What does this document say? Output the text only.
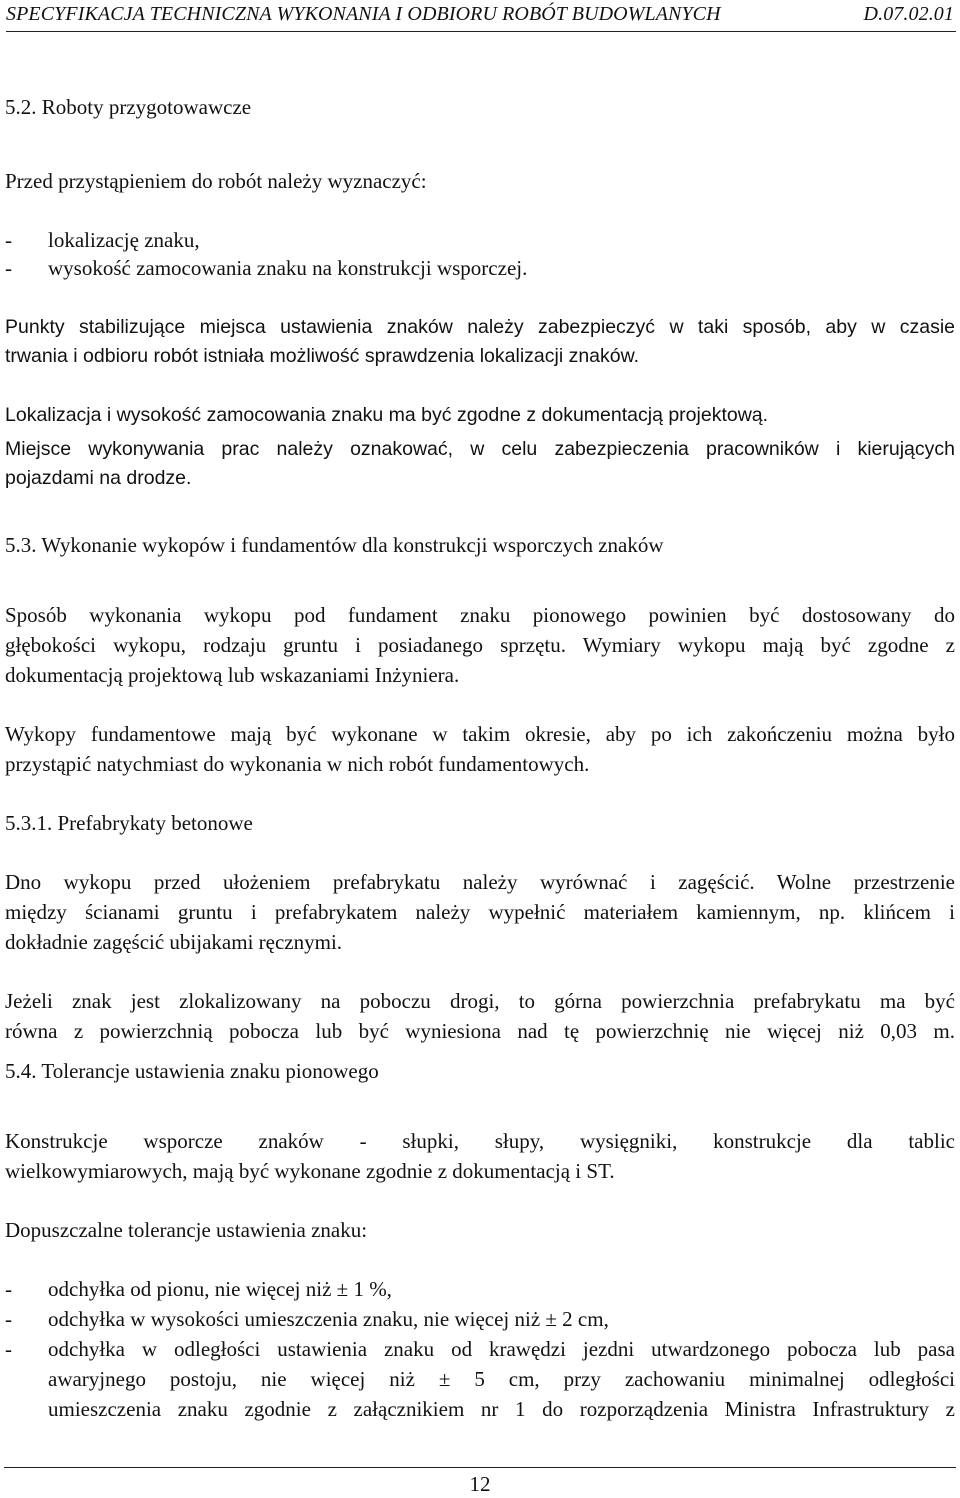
SPECYFIKACJA TECHNICZNA WYKONANIA I ODBIORU ROBÓT BUDOWLANYCH	D.07.02.01
5.2. Roboty przygotowawcze
Przed przystąpieniem do robót należy wyznaczyć:
- lokalizację znaku,
- wysokość zamocowania znaku na konstrukcji wsporczej.
Punkty stabilizujące miejsca ustawienia znaków należy zabezpieczyć w taki sposób, aby w czasie
trwania i odbioru robót istniała możliwość sprawdzenia lokalizacji znaków.
Lokalizacja i wysokość zamocowania znaku ma być zgodne z dokumentacją projektową.
Miejsce wykonywania prac należy oznakować, w celu zabezpieczenia pracowników i kierujących
pojazdami na drodze.
5.3. Wykonanie wykopów i fundamentów dla konstrukcji wsporczych znaków
Sposób wykonania wykopu pod fundament znaku pionowego powinien być dostosowany do
głębokości wykopu, rodzaju gruntu i posiadanego sprzętu. Wymiary wykopu mają być zgodne z
dokumentacją projektową lub wskazaniami Inżyniera.
Wykopy fundamentowe mają być wykonane w takim okresie, aby po ich zakończeniu można było
przystąpić natychmiast do wykonania w nich robót fundamentowych.
5.3.1. Prefabrykaty betonowe
Dno wykopu przed ułożeniem prefabrykatu należy wyrównać i zagęścić. Wolne przestrzenie
między ścianami gruntu i prefabrykatem należy wypełnić materiałem kamiennym, np. klińcem i
dokładnie zagęścić ubijakami ręcznymi.
Jeżeli znak jest zlokalizowany na poboczu drogi, to górna powierzchnia prefabrykatu ma być
równa z powierzchnią pobocza lub być wyniesiona nad tę powierzchnię nie więcej niż 0,03 m.
5.4. Tolerancje ustawienia znaku pionowego
Konstrukcje wsporcze znaków - słupki, słupy, wysięgniki, konstrukcje dla tablic
wielkowymiarowych, mają być wykonane zgodnie z dokumentacją i ST.
Dopuszczalne tolerancje ustawienia znaku:
- odchyłka od pionu, nie więcej niż ± 1 %,
- odchyłka w wysokości umieszczenia znaku, nie więcej niż ± 2 cm,
- odchyłka w odległości ustawienia znaku od krawędzi jezdni utwardzonego pobocza lub pasa
awaryjnego postoju, nie więcej niż ± 5 cm, przy zachowaniu minimalnej odległości
umieszczenia znaku zgodnie z załącznikiem nr 1 do rozporządzenia Ministra Infrastruktury z
12
